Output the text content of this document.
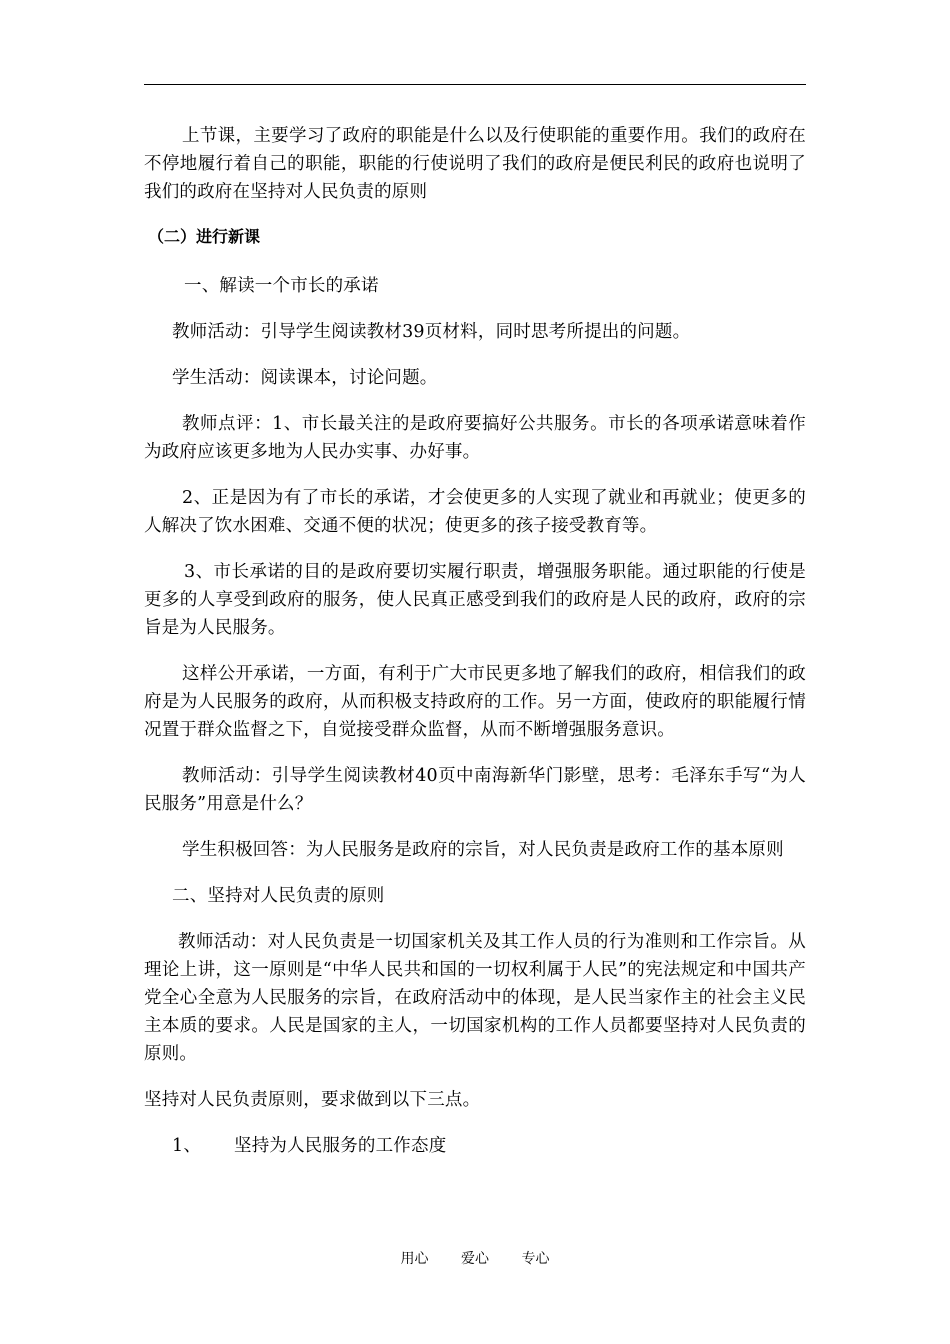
上节课，主要学习了政府的职能是什么以及行使职能的重要作用。我们的政府在不停地履行着自己的职能，职能的行使说明了我们的政府是便民利民的政府也说明了我们的政府在坚持对人民负责的原则

（二）进行新课

一、解读一个市长的承诺

教师活动：引导学生阅读教材39页材料，同时思考所提出的问题。

学生活动：阅读课本，讨论问题。

教师点评：1、市长最关注的是政府要搞好公共服务。市长的各项承诺意味着作为政府应该更多地为人民办实事、办好事。

2、正是因为有了市长的承诺，才会使更多的人实现了就业和再就业；使更多的人解决了饮水困难、交通不便的状况；使更多的孩子接受教育等。

3、市长承诺的目的是政府要切实履行职责，增强服务职能。通过职能的行使是更多的人享受到政府的服务，使人民真正感受到我们的政府是人民的政府，政府的宗旨是为人民服务。

这样公开承诺，一方面，有利于广大市民更多地了解我们的政府，相信我们的政府是为人民服务的政府，从而积极支持政府的工作。另一方面，使政府的职能履行情况置于群众监督之下，自觉接受群众监督，从而不断增强服务意识。

教师活动：引导学生阅读教材40页中南海新华门影壁，思考：毛泽东手写“为人民服务”用意是什么？

学生积极回答：为人民服务是政府的宗旨，对人民负责是政府工作的基本原则

二、坚持对人民负责的原则

教师活动：对人民负责是一切国家机关及其工作人员的行为准则和工作宗旨。从理论上讲，这一原则是“中华人民共和国的一切权利属于人民”的宪法规定和中国共产党全心全意为人民服务的宗旨，在政府活动中的体现，是人民当家作主的社会主义民主本质的要求。人民是国家的主人，一切国家机构的工作人员都要坚持对人民负责的原则。

坚持对人民负责原则，要求做到以下三点。

1、 坚持为人民服务的工作态度

用心 爱心 专心
